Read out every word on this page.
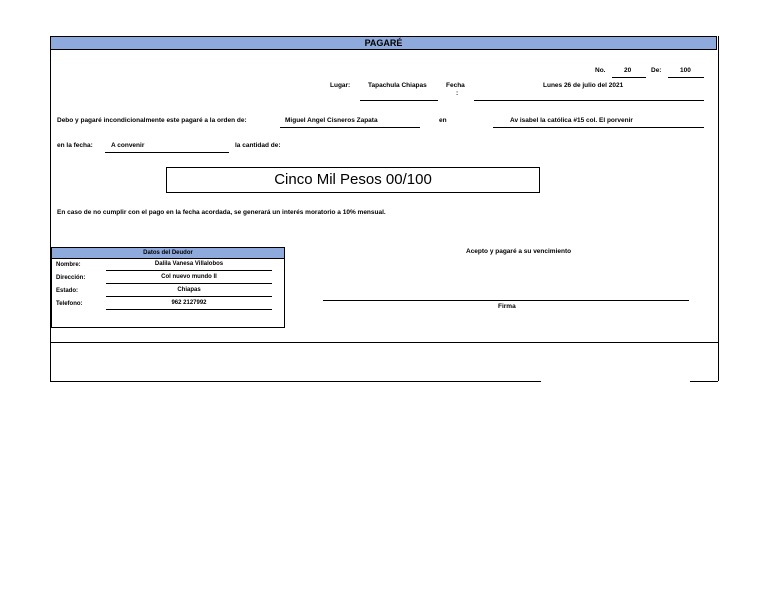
PAGARÉ
No.	20	De:	100
Lugar:	Tapachula Chiapas	Fecha
:
Lunes 26 de julio del 2021
Debo y pagaré incondicionalmente este pagaré a la orden de:	Miguel Angel Cisneros Zapata	en	Av isabel la católica #15 col. El porvenir
en la fecha:	A convenir	la cantidad de:
Cinco Mil Pesos 00/100
En caso de no cumplir con el pago en la fecha acordada, se generará un interés moratorio a 10% mensual.
Datos del Deudor
Nombre:	Dalila Vanesa Villalobos
Dirección:	Col nuevo mundo II
Estado:	Chiapas
Telefono:	962 2127992
Acepto y pagaré a su vencimiento
Firma
